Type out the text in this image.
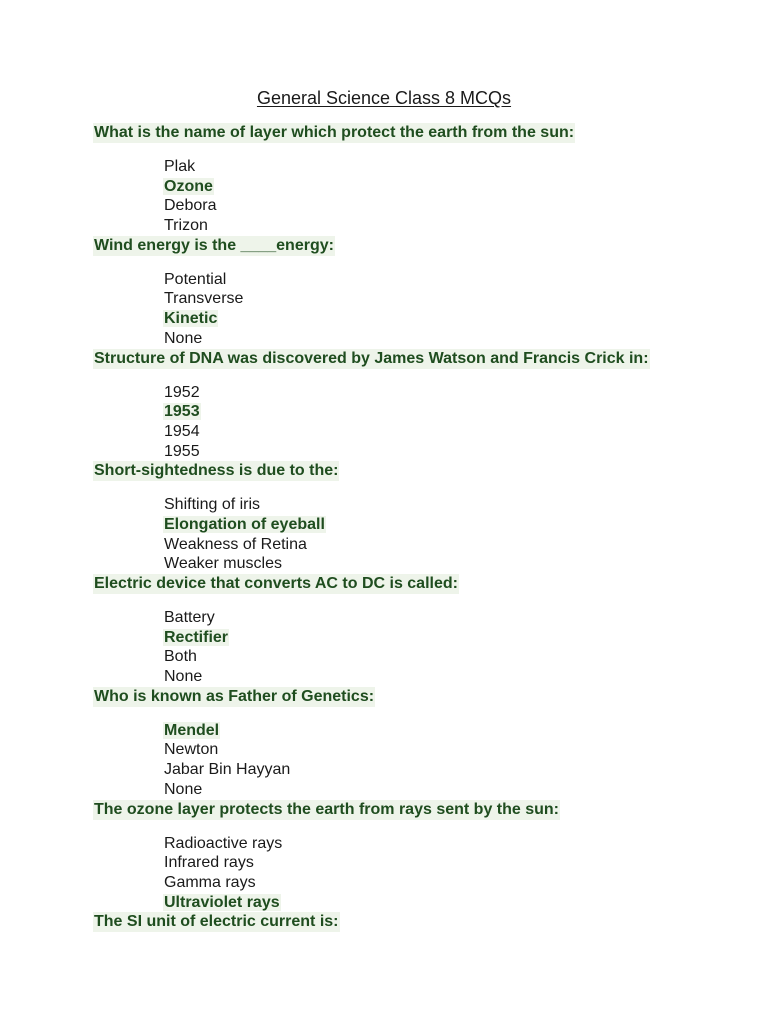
General Science Class 8 MCQs
What is the name of layer which protect the earth from the sun:
Plak
Ozone
Debora
Trizon
Wind energy is the ____energy:
Potential
Transverse
Kinetic
None
Structure of DNA was discovered by James Watson and Francis Crick in:
1952
1953
1954
1955
Short-sightedness is due to the:
Shifting of iris
Elongation of eyeball
Weakness of Retina
Weaker muscles
Electric device that converts AC to DC is called:
Battery
Rectifier
Both
None
Who is known as Father of Genetics:
Mendel
Newton
Jabar Bin Hayyan
None
The ozone layer protects the earth from rays sent by the sun:
Radioactive rays
Infrared rays
Gamma rays
Ultraviolet rays
The SI unit of electric current is:
